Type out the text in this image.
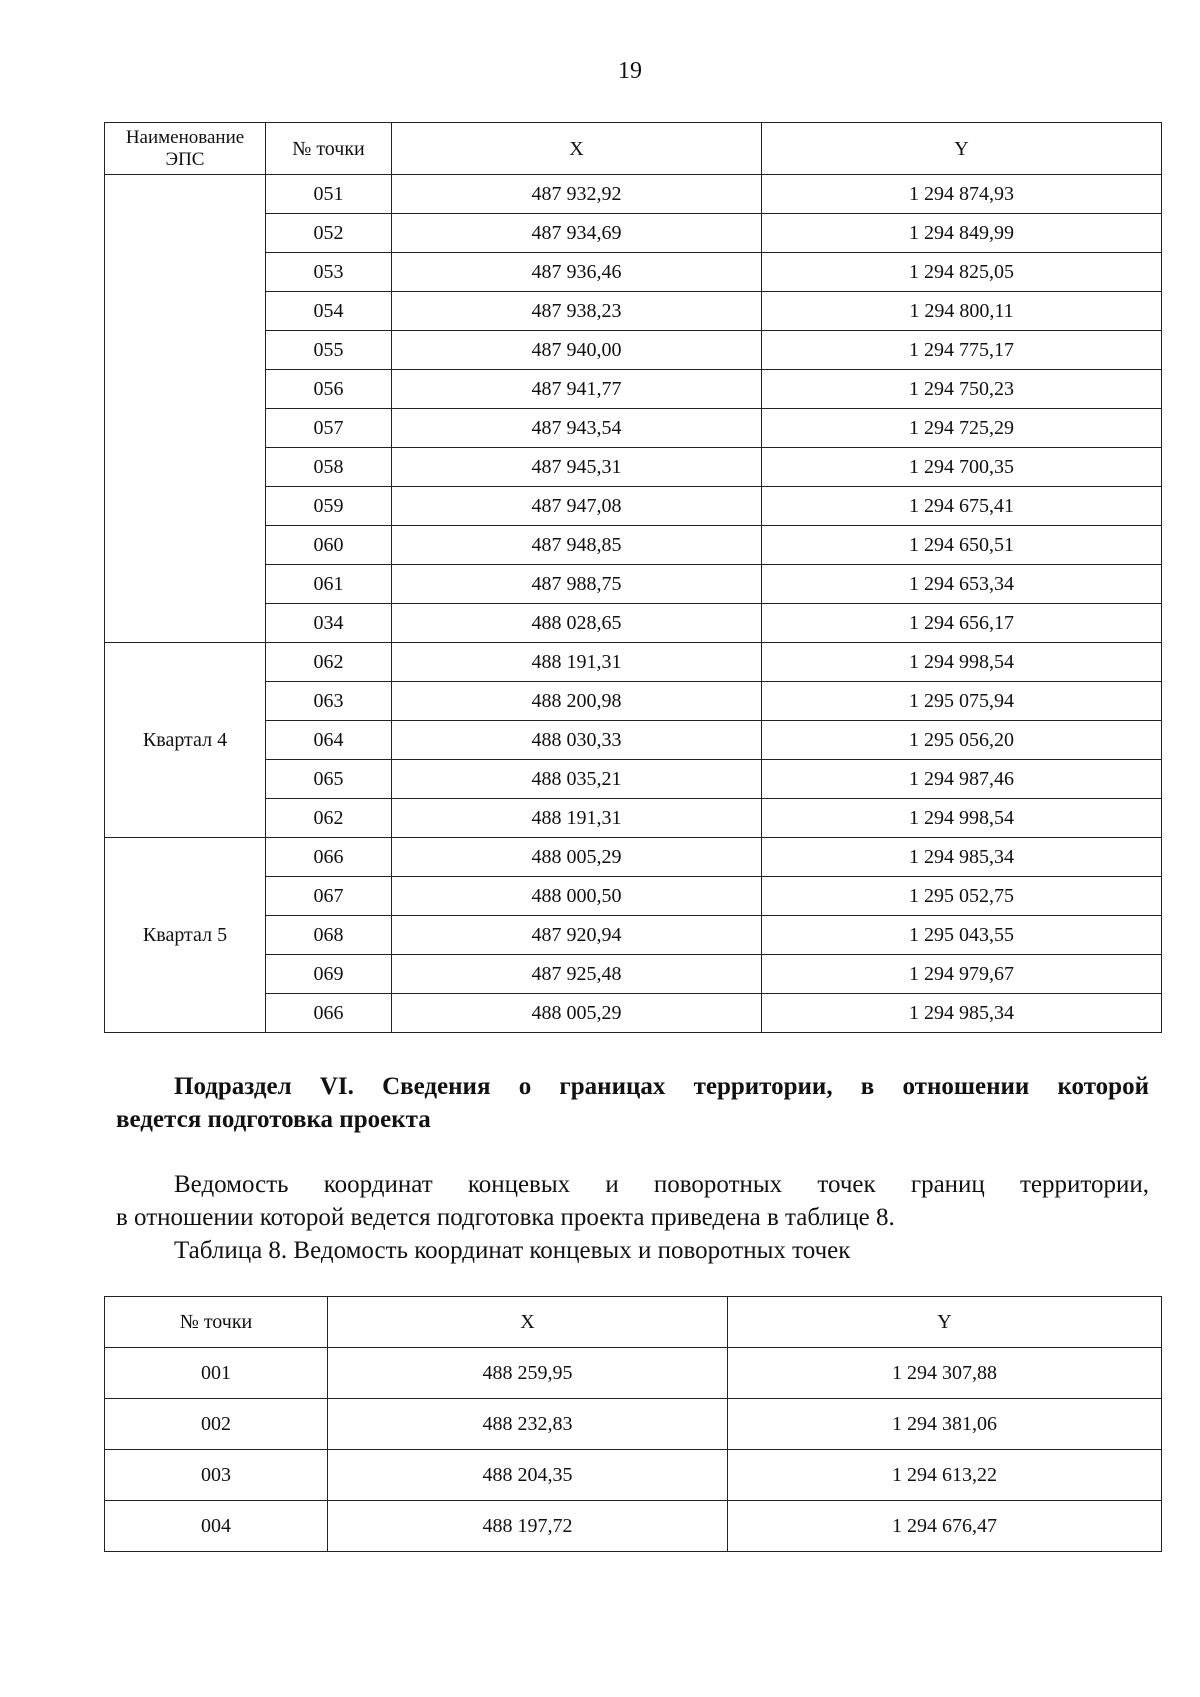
19
Наименование ЭПС	№ точки	X	Y
	051	487 932,92	1 294 874,93
	052	487 934,69	1 294 849,99
	053	487 936,46	1 294 825,05
	054	487 938,23	1 294 800,11
	055	487 940,00	1 294 775,17
	056	487 941,77	1 294 750,23
	057	487 943,54	1 294 725,29
	058	487 945,31	1 294 700,35
	059	487 947,08	1 294 675,41
	060	487 948,85	1 294 650,51
	061	487 988,75	1 294 653,34
	034	488 028,65	1 294 656,17
Квартал 4	062	488 191,31	1 294 998,54
	063	488 200,98	1 295 075,94
	064	488 030,33	1 295 056,20
	065	488 035,21	1 294 987,46
	062	488 191,31	1 294 998,54
Квартал 5	066	488 005,29	1 294 985,34
	067	488 000,50	1 295 052,75
	068	487 920,94	1 295 043,55
	069	487 925,48	1 294 979,67
	066	488 005,29	1 294 985,34
Подраздел VI. Сведения о границах территории, в отношении которой
ведется подготовка проекта
Ведомость координат концевых и поворотных точек границ территории,
в отношении которой ведется подготовка проекта приведена в таблице 8.
Таблица 8. Ведомость координат концевых и поворотных точек
№ точки	X	Y
001	488 259,95	1 294 307,88
002	488 232,83	1 294 381,06
003	488 204,35	1 294 613,22
004	488 197,72	1 294 676,47
